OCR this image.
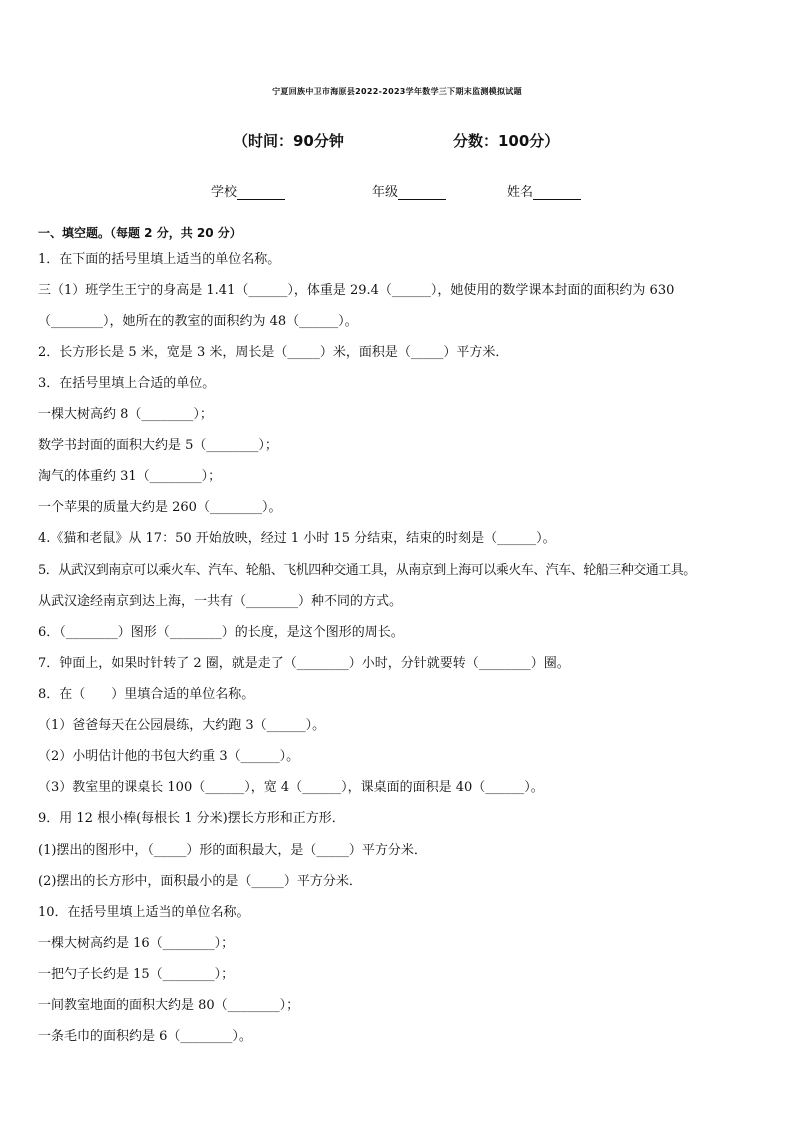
宁夏回族中卫市海原县2022-2023学年数学三下期末监测模拟试题
（时间：90分钟	分数：100分）
学校	年级	姓名
一、填空题。（每题 2 分，共 20 分）
1．在下面的括号里填上适当的单位名称。
三（1）班学生王宁的身高是 1.41（______），体重是 29.4（______），她使用的数学课本封面的面积约为 630
（________），她所在的教室的面积约为 48（______）。
2．长方形长是 5 米，宽是 3 米，周长是（_____）米，面积是（_____）平方米．
3．在括号里填上合适的单位。
一棵大树高约 8（________）；
数学书封面的面积大约是 5（________）；
淘气的体重约 31（________）；
一个苹果的质量大约是 260（________）。
4.《猫和老鼠》从 17：50 开始放映，经过 1 小时 15 分结束，结束的时刻是（______）。
5．从武汉到南京可以乘火车、汽车、轮船、飞机四种交通工具，从南京到上海可以乘火车、汽车、轮船三种交通工具。
从武汉途经南京到达上海，一共有（________）种不同的方式。
6．（________）图形（________）的长度，是这个图形的周长。
7．钟面上，如果时针转了 2 圈，就是走了（________）小时，分针就要转（________）圈。
8．在（　　）里填合适的单位名称。
（1）爸爸每天在公园晨练，大约跑 3（______）。
（2）小明估计他的书包大约重 3（______）。
（3）教室里的课桌长 100（______），宽 4（______），课桌面的面积是 40（______）。
9．用 12 根小棒(每根长 1 分米)摆长方形和正方形．
(1)摆出的图形中，（_____）形的面积最大，是（_____）平方分米．
(2)摆出的长方形中，面积最小的是（_____）平方分米．
10．在括号里填上适当的单位名称。
一棵大树高约是 16（________）；
一把勺子长约是 15（________）；
一间教室地面的面积大约是 80（________）；
一条毛巾的面积约是 6（________）。
